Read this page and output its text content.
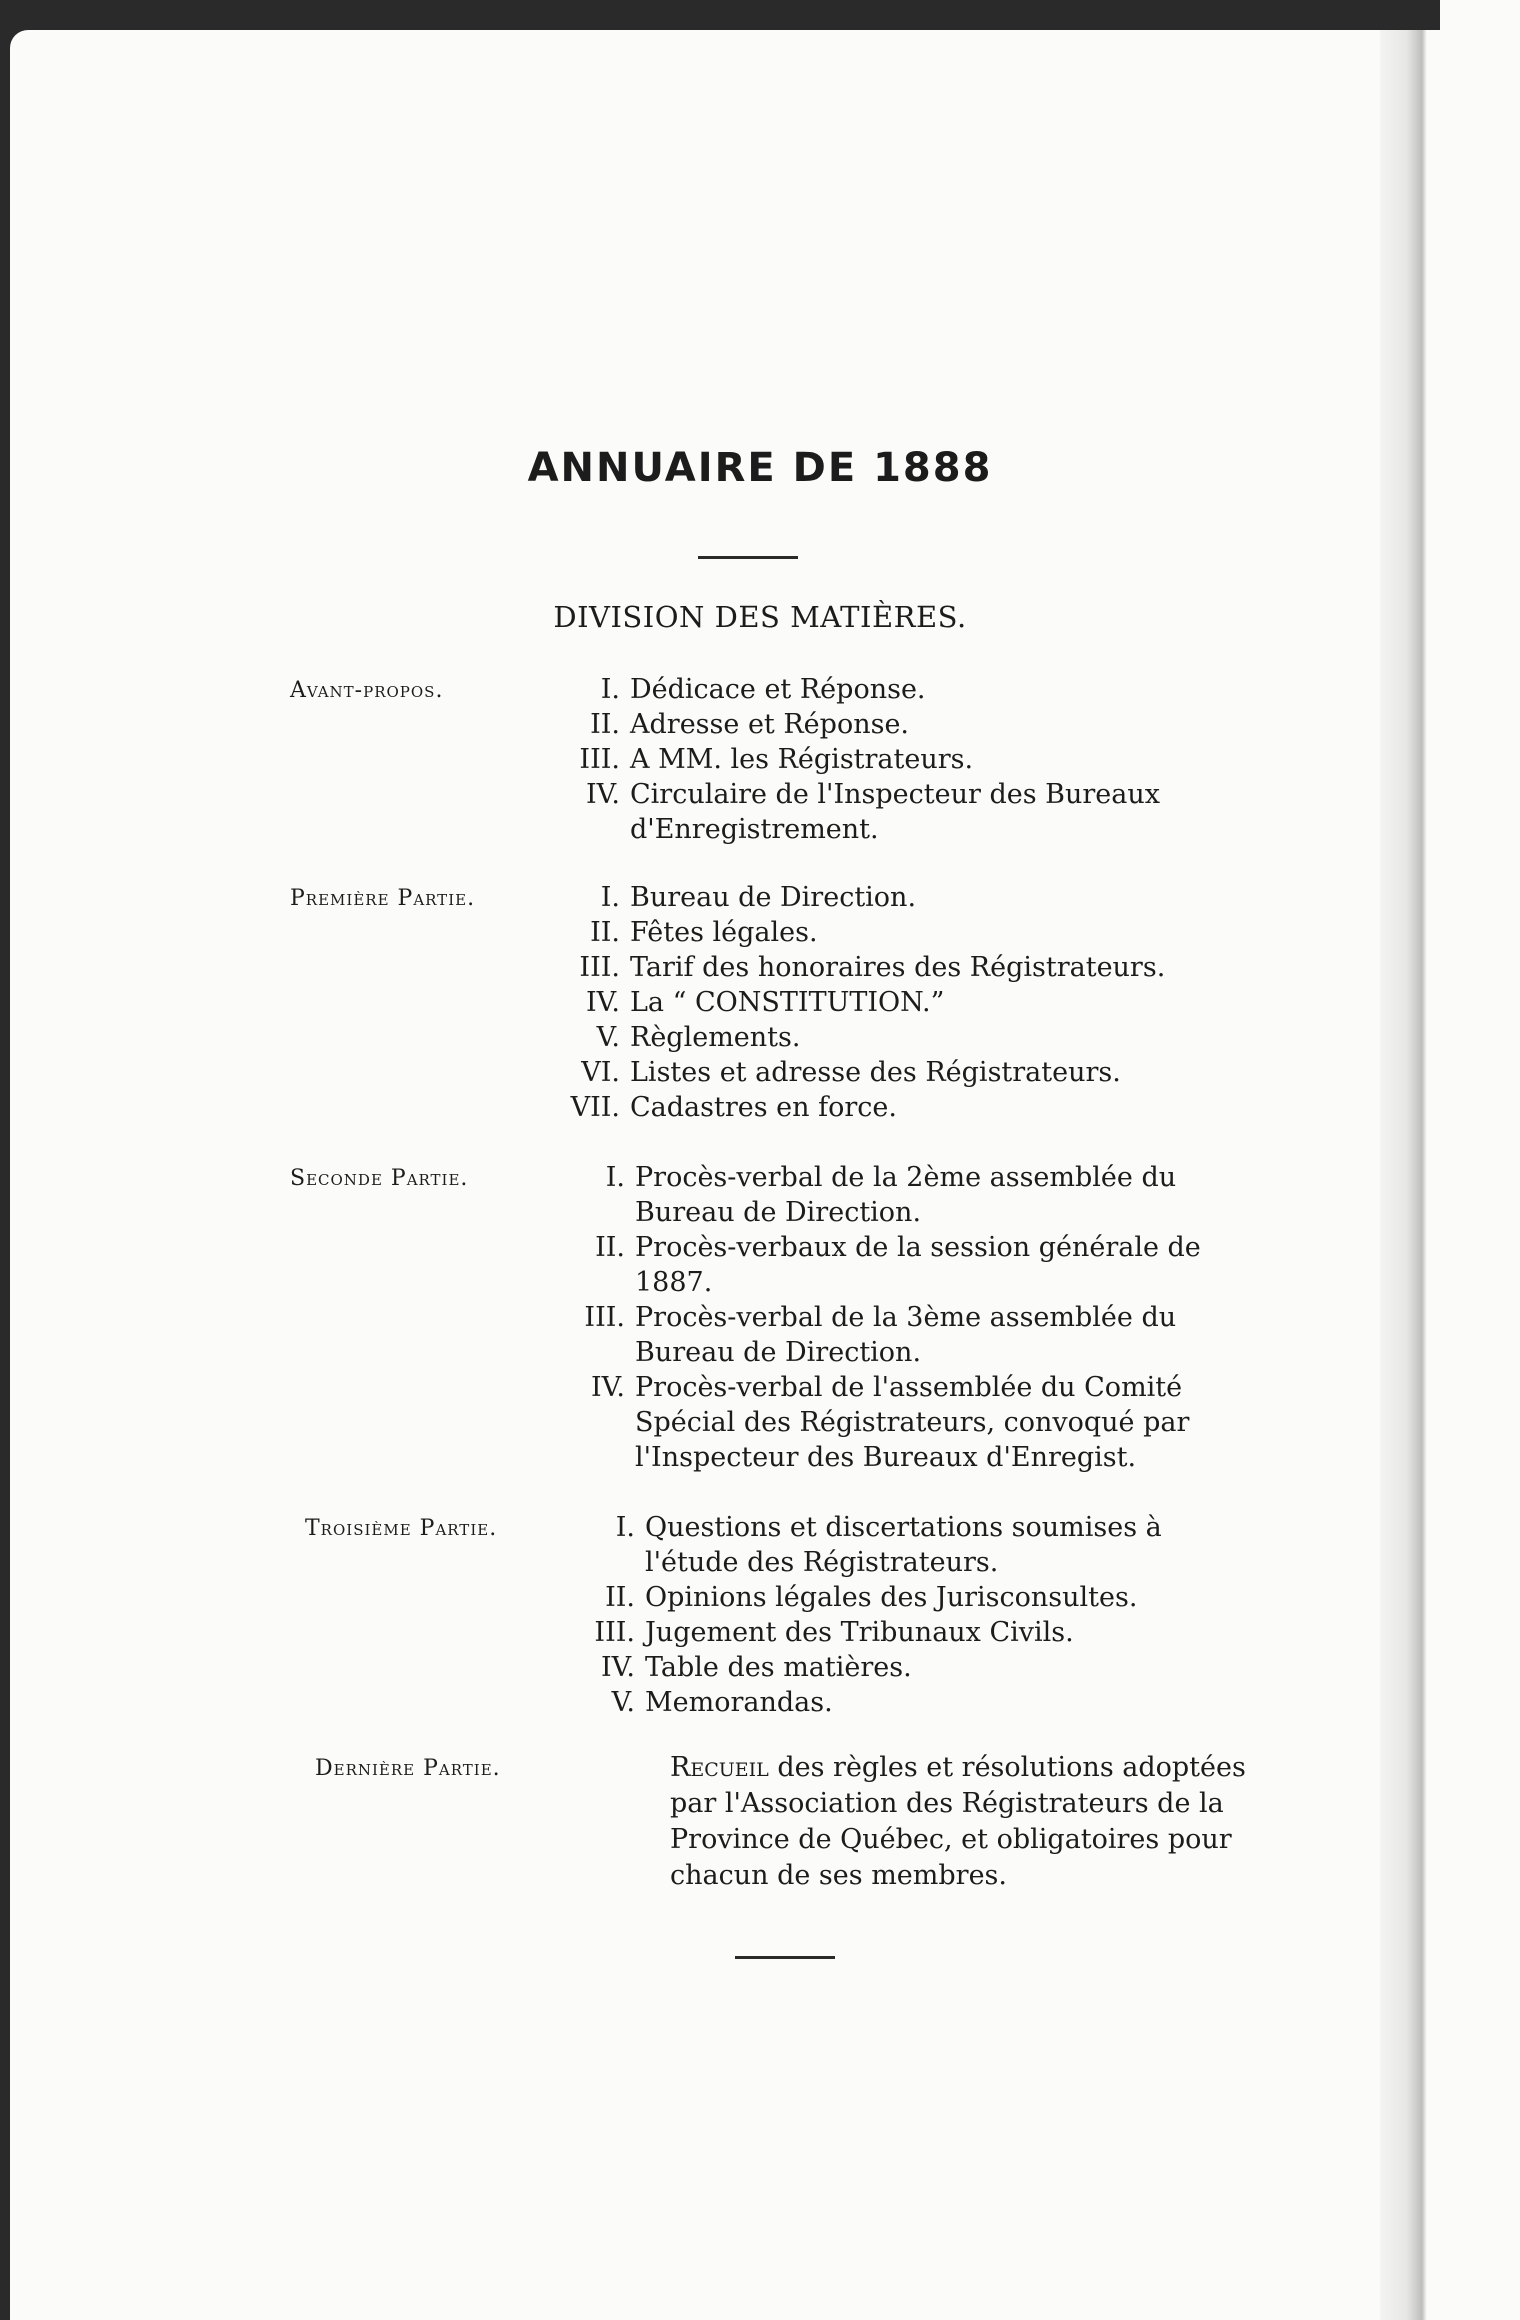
ANNUAIRE DE 1888
DIVISION DES MATIÈRES.
Avant-propos.	I. Dédicace et Réponse.
II. Adresse et Réponse.
III. A MM. les Régistrateurs.
IV. Circulaire de l'Inspecteur des Bureaux d'Enregistrement.
Première Partie.	I. Bureau de Direction.
II. Fêtes légales.
III. Tarif des honoraires des Régistrateurs.
IV. La “ CONSTITUTION.”
V. Règlements.
VI. Listes et adresse des Régistrateurs.
VII. Cadastres en force.
Seconde Partie.	I. Procès-verbal de la 2ème assemblée du Bureau de Direction.
II. Procès-verbaux de la session générale de 1887.
III. Procès-verbal de la 3ème assemblée du Bureau de Direction.
IV. Procès-verbal de l'assemblée du Comité Spécial des Régistrateurs, convoqué par l'Inspecteur des Bureaux d'Enregist.
Troisième Partie.	I. Questions et discertations soumises à l'étude des Régistrateurs.
II. Opinions légales des Jurisconsultes.
III. Jugement des Tribunaux Civils.
IV. Table des matières.
V. Memorandas.
Dernière Partie.	Recueil des règles et résolutions adoptées par l'Association des Régistrateurs de la Province de Québec, et obligatoires pour chacun de ses membres.
